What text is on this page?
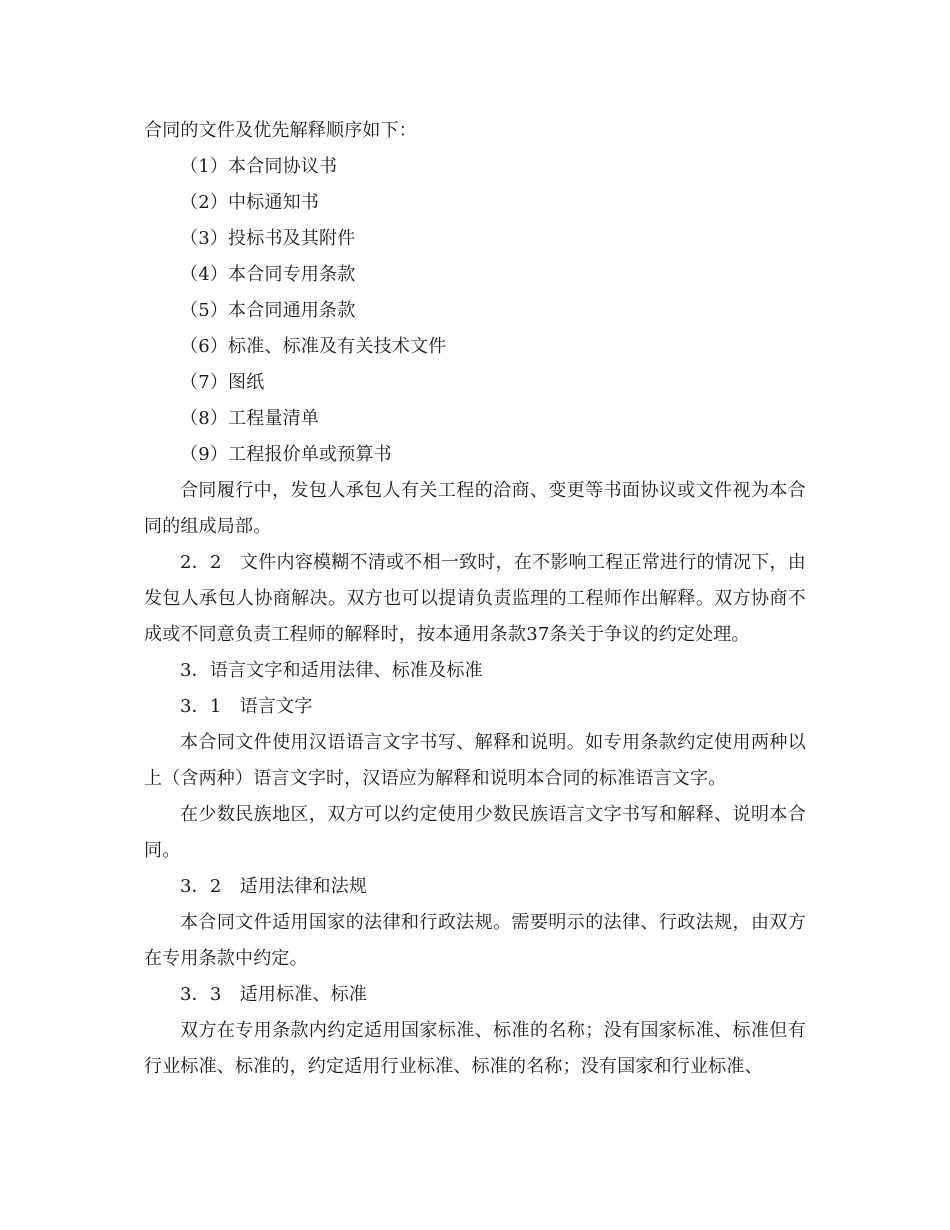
合同的文件及优先解释顺序如下：

（1）本合同协议书

（2）中标通知书

（3）投标书及其附件

（4）本合同专用条款

（5）本合同通用条款

（6）标准、标准及有关技术文件

（7）图纸

（8）工程量清单

（9）工程报价单或预算书

合同履行中，发包人承包人有关工程的洽商、变更等书面协议或文件视为本合同的组成局部。

2．2　文件内容模糊不清或不相一致时，在不影响工程正常进行的情况下，由发包人承包人协商解决。双方也可以提请负责监理的工程师作出解释。双方协商不成或不同意负责工程师的解释时，按本通用条款37条关于争议的约定处理。

3．语言文字和适用法律、标准及标准

3．1　语言文字

本合同文件使用汉语语言文字书写、解释和说明。如专用条款约定使用两种以上（含两种）语言文字时，汉语应为解释和说明本合同的标准语言文字。

在少数民族地区，双方可以约定使用少数民族语言文字书写和解释、说明本合同。

3．2　适用法律和法规

本合同文件适用国家的法律和行政法规。需要明示的法律、行政法规，由双方在专用条款中约定。

3．3　适用标准、标准

双方在专用条款内约定适用国家标准、标准的名称；没有国家标准、标准但有行业标准、标准的，约定适用行业标准、标准的名称；没有国家和行业标准、
